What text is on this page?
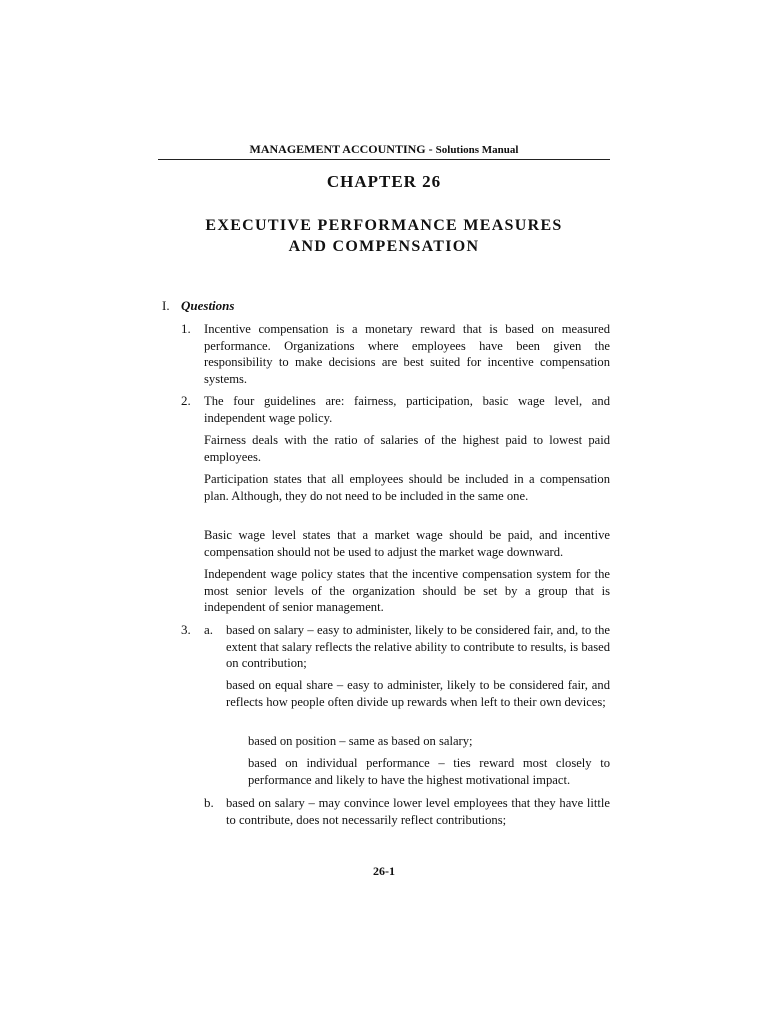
MANAGEMENT ACCOUNTING - Solutions Manual
CHAPTER 26
EXECUTIVE PERFORMANCE MEASURES
AND COMPENSATION
I. Questions
1. Incentive compensation is a monetary reward that is based on measured performance. Organizations where employees have been given the responsibility to make decisions are best suited for incentive compensation systems.

2. The four guidelines are: fairness, participation, basic wage level, and independent wage policy.

Fairness deals with the ratio of salaries of the highest paid to lowest paid employees.

Participation states that all employees should be included in a compensation plan. Although, they do not need to be included in the same one.

Basic wage level states that a market wage should be paid, and incentive compensation should not be used to adjust the market wage downward.

Independent wage policy states that the incentive compensation system for the most senior levels of the organization should be set by a group that is independent of senior management.

3. a. based on salary – easy to administer, likely to be considered fair, and, to the extent that salary reflects the relative ability to contribute to results, is based on contribution;

based on equal share – easy to administer, likely to be considered fair, and reflects how people often divide up rewards when left to their own devices;

based on position – same as based on salary;

based on individual performance – ties reward most closely to performance and likely to have the highest motivational impact.

b. based on salary – may convince lower level employees that they have little to contribute, does not necessarily reflect contributions;

26-1
